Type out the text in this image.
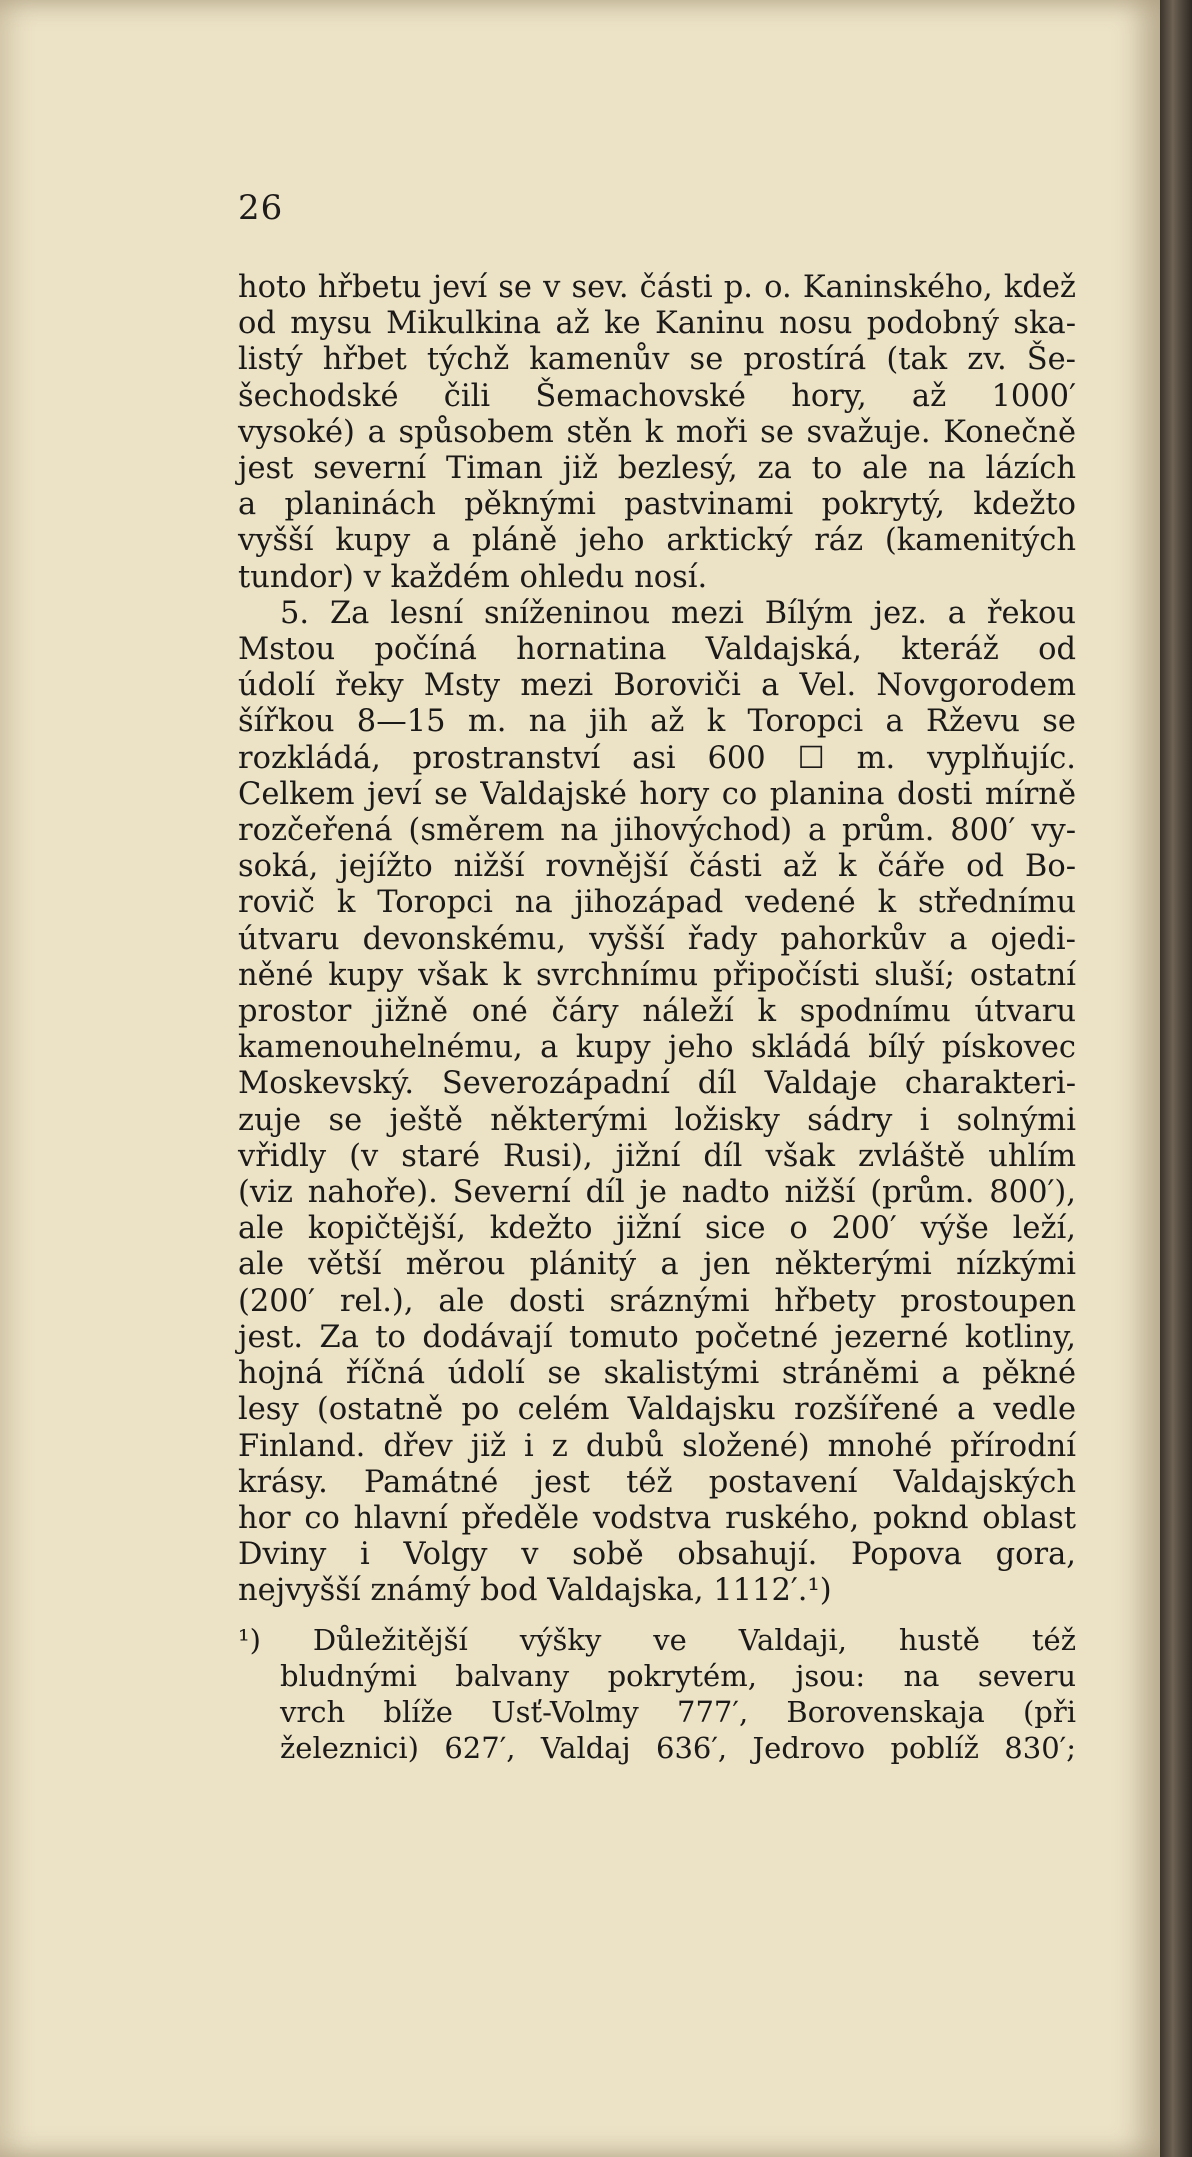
26
hoto hřbetu jeví se v sev. části p. o. Kaninského, kdež
od mysu Mikulkina až ke Kaninu nosu podobný ska-
listý hřbet týchž kamenův se prostírá (tak zv. Še-
šechodské čili Šemachovské hory, až 1000′
vysoké) a spůsobem stěn k moři se svažuje. Konečně
jest severní Timan již bezlesý, za to ale na lázích
a planinách pěknými pastvinami pokrytý, kdežto
vyšší kupy a pláně jeho arktický ráz (kamenitých
tundor) v každém ohledu nosí.
5. Za lesní sníženinou mezi Bílým jez. a řekou
Mstou počíná hornatina Valdajská, kteráž od
údolí řeky Msty mezi Boroviči a Vel. Novgorodem
šířkou 8—15 m. na jih až k Toropci a Rževu se
rozkládá, prostranství asi 600 ☐ m. vyplňujíc.
Celkem jeví se Valdajské hory co planina dosti mírně
rozčeřená (směrem na jihovýchod) a prům. 800′ vy-
soká, jejížto nižší rovnější části až k čáře od Bo-
rovič k Toropci na jihozápad vedené k střednímu
útvaru devonskému, vyšší řady pahorkův a ojedi-
něné kupy však k svrchnímu připočísti sluší; ostatní
prostor jižně oné čáry náleží k spodnímu útvaru
kamenouhelnému, a kupy jeho skládá bílý pískovec
Moskevský. Severozápadní díl Valdaje charakteri-
zuje se ještě některými ložisky sádry i solnými
vřidly (v staré Rusi), jižní díl však zvláště uhlím
(viz nahoře). Severní díl je nadto nižší (prům. 800′),
ale kopičtější, kdežto jižní sice o 200′ výše leží,
ale větší měrou plánitý a jen některými nízkými
(200′ rel.), ale dosti sráznými hřbety prostoupen
jest. Za to dodávají tomuto početné jezerné kotliny,
hojná říčná údolí se skalistými stráněmi a pěkné
lesy (ostatně po celém Valdajsku rozšířené a vedle
Finland. dřev již i z dubů složené) mnohé přírodní
krásy. Památné jest též postavení Valdajských
hor co hlavní předěle vodstva ruského, poknd oblast
Dviny i Volgy v sobě obsahují. Popova gora,
nejvyšší známý bod Valdajska, 1112′.¹)
¹) Důležitější výšky ve Valdaji, hustě též
bludnými balvany pokrytém, jsou: na severu
vrch blíže Usť-Volmy 777′, Borovenskaja (při
železnici) 627′, Valdaj 636′, Jedrovo poblíž 830′;
